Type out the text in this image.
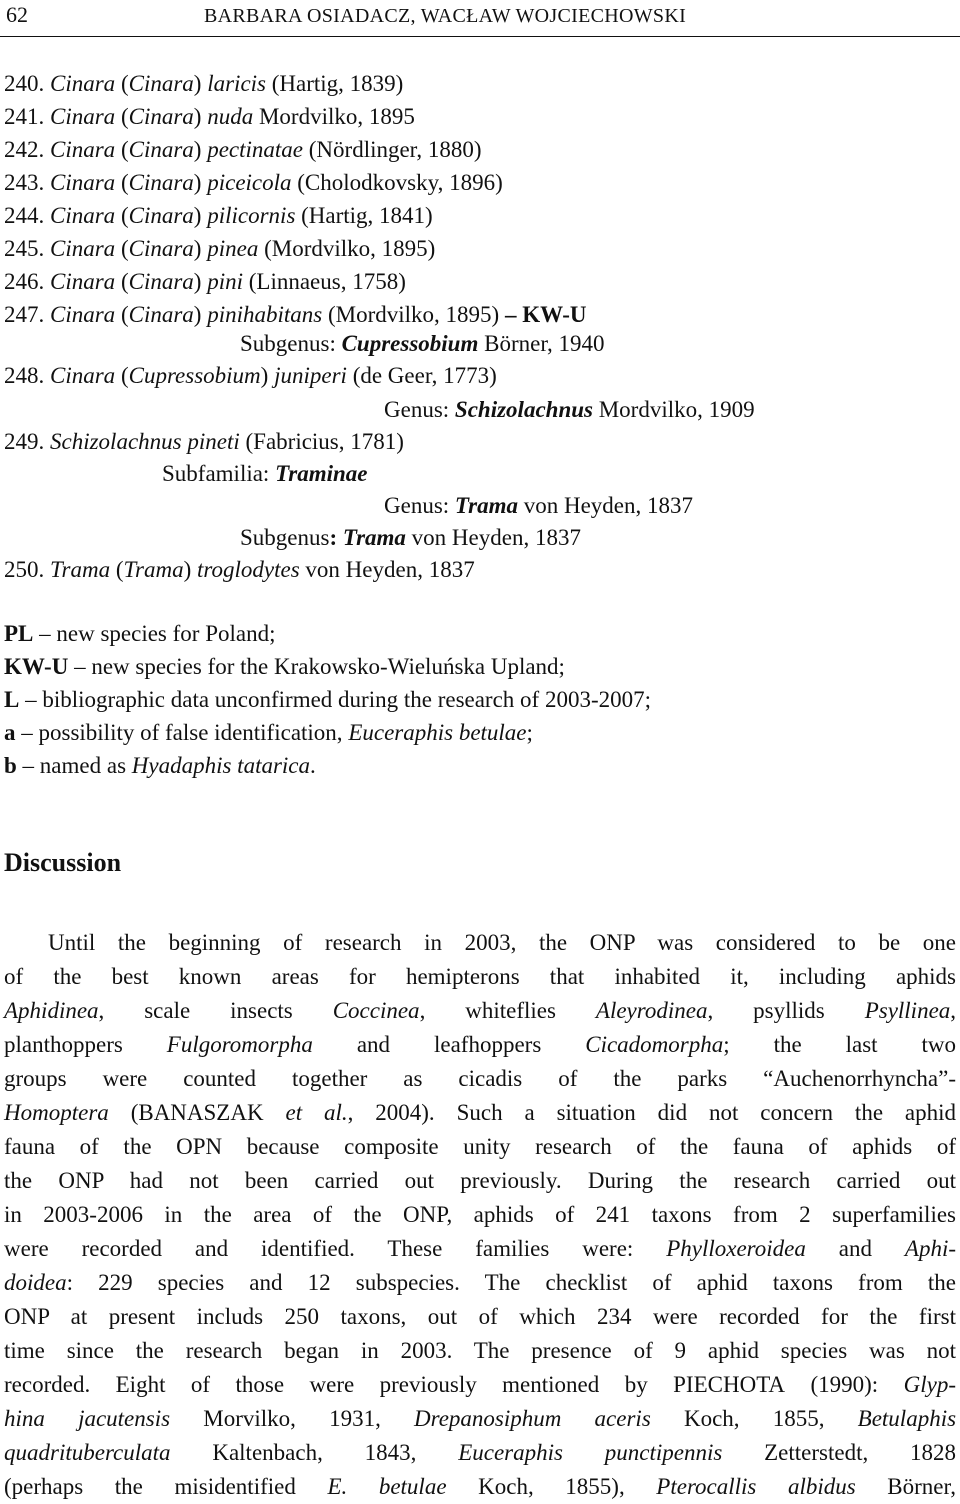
62	BARBARA OSIADACZ, WACŁAW WOJCIECHOWSKI
240. Cinara (Cinara) laricis (Hartig, 1839)
241. Cinara (Cinara) nuda Mordvilko, 1895
242. Cinara (Cinara) pectinatae (Nördlinger, 1880)
243. Cinara (Cinara) piceicola (Cholodkovsky, 1896)
244. Cinara (Cinara) pilicornis (Hartig, 1841)
245. Cinara (Cinara) pinea (Mordvilko, 1895)
246. Cinara (Cinara) pini (Linnaeus, 1758)
247. Cinara (Cinara) pinihabitans (Mordvilko, 1895) – KW-U
Subgenus: Cupressobium Börner, 1940
248. Cinara (Cupressobium) juniperi (de Geer, 1773)
Genus: Schizolachnus Mordvilko, 1909
249. Schizolachnus pineti (Fabricius, 1781)
Subfamilia: Traminae
Genus: Trama von Heyden, 1837
Subgenus: Trama von Heyden, 1837
250. Trama (Trama) troglodytes von Heyden, 1837
PL – new species for Poland;
KW-U – new species for the Krakowsko-Wieluńska Upland;
L – bibliographic data unconfirmed during the research of 2003-2007;
a – possibility of false identification, Euceraphis betulae;
b – named as Hyadaphis tatarica.
Discussion
Until the beginning of research in 2003, the ONP was considered to be one
of the best known areas for hemipterons that inhabited it, including aphids
Aphidinea, scale insects Coccinea, whiteflies Aleyrodinea, psyllids Psyllinea,
planthoppers Fulgoromorpha and leafhoppers Cicadomorpha; the last two
groups were counted together as cicadis of the parks “Auchenorrhyncha”-
Homoptera (BANASZAK et al., 2004). Such a situation did not concern the aphid
fauna of the OPN because composite unity research of the fauna of aphids of
the ONP had not been carried out previously. During the research carried out
in 2003-2006 in the area of the ONP, aphids of 241 taxons from 2 superfamilies
were recorded and identified. These families were: Phylloxeroidea and Aphi-
doidea: 229 species and 12 subspecies. The checklist of aphid taxons from the
ONP at present includs 250 taxons, out of which 234 were recorded for the first
time since the research began in 2003. The presence of 9 aphid species was not
recorded. Eight of those were previously mentioned by PIECHOTA (1990): Glyp-
hina jacutensis Morvilko, 1931, Drepanosiphum aceris Koch, 1855, Betulaphis
quadrituberculata Kaltenbach, 1843, Euceraphis punctipennis Zetterstedt, 1828
(perhaps the misidentified E. betulae Koch, 1855), Pterocallis albidus Börner,
